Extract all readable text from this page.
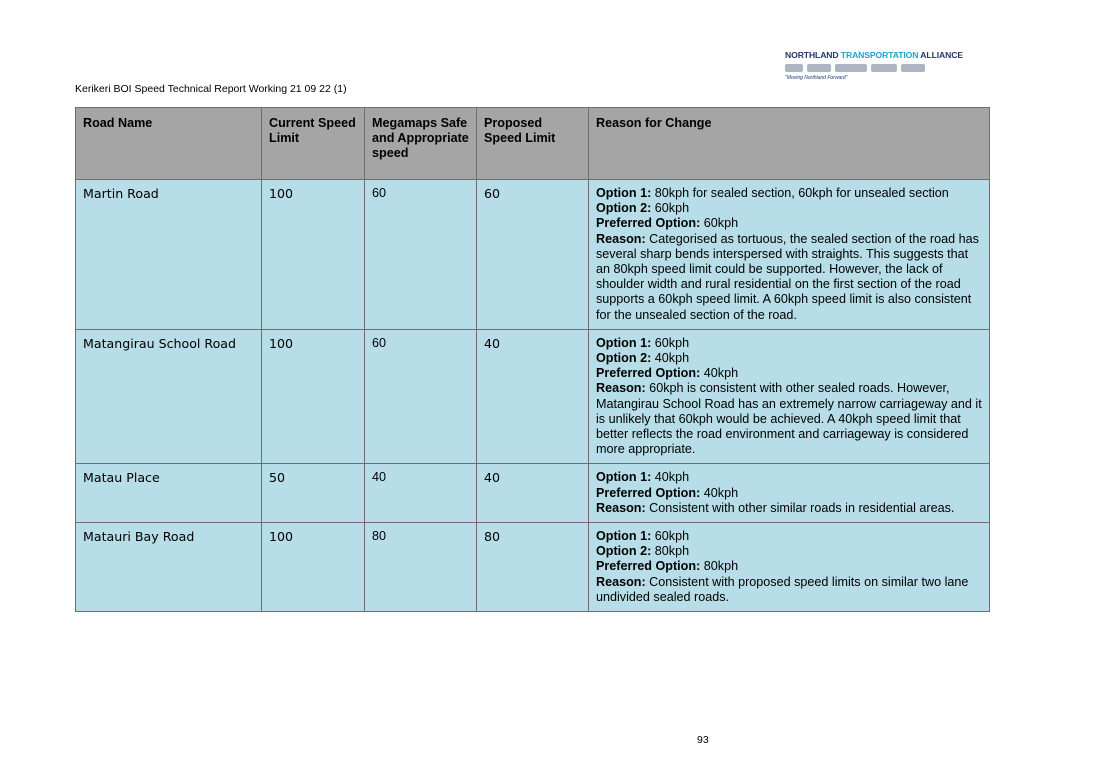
NORTHLAND TRANSPORTATION ALLIANCE
"Moving Northland Forward"
Kerikeri BOI Speed Technical Report Working 21 09 22 (1)
Road Name	Current Speed Limit	Megamaps Safe and Appropriate speed	Proposed Speed Limit	Reason for Change
Martin Road	100	60	60	Option 1: 80kph for sealed section, 60kph for unsealed section

Option 2: 60kph

Preferred Option: 60kph

Reason: Categorised as tortuous, the sealed section of the road has several sharp bends interspersed with straights. This suggests that an 80kph speed limit could be supported. However, the lack of shoulder width and rural residential on the first section of the road supports a 60kph speed limit. A 60kph speed limit is also consistent for the unsealed section of the road.

Matangirau School Road	100	60	40	Option 1: 60kph

Option 2: 40kph

Preferred Option: 40kph

Reason: 60kph is consistent with other sealed roads. However, Matangirau School Road has an extremely narrow carriageway and it is unlikely that 60kph would be achieved. A 40kph speed limit that better reflects the road environment and carriageway is considered more appropriate.

Matau Place	50	40	40	Option 1: 40kph

Preferred Option: 40kph

Reason: Consistent with other similar roads in residential areas.

Matauri Bay Road	100	80	80	Option 1: 60kph

Option 2: 80kph

Preferred Option: 80kph

Reason: Consistent with proposed speed limits on similar two lane undivided sealed roads.

93
